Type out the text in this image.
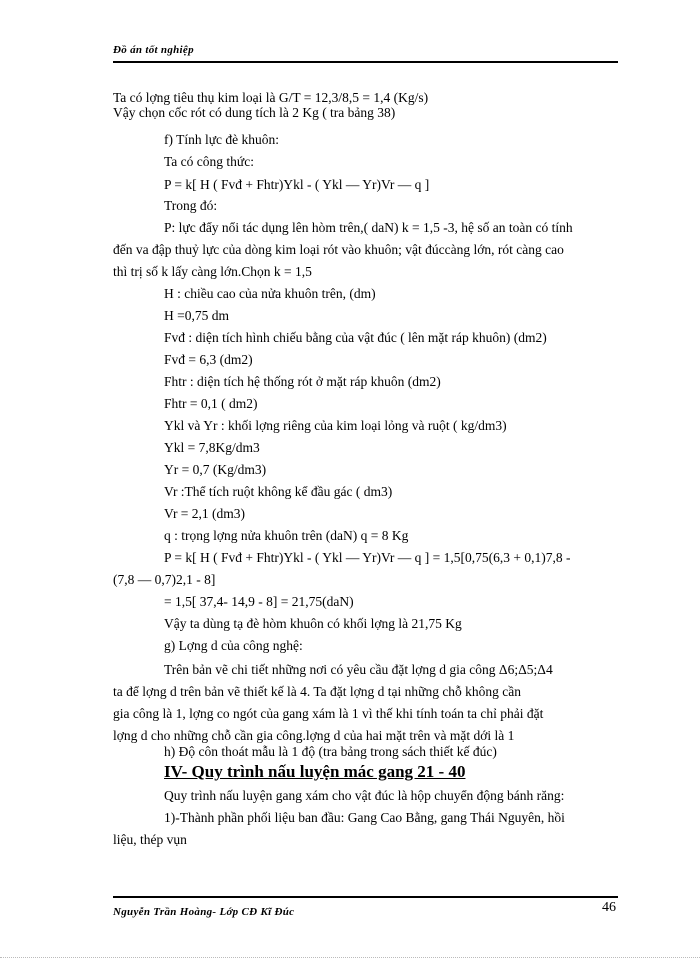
Đồ án tốt nghiệp
Ta có lợng tiêu thụ kim loại là G/T = 12,3/8,5 = 1,4 (Kg/s)
Vậy chọn cốc rót có dung tích là 2 Kg ( tra bảng 38)
f) Tính lực đè khuôn:
Ta có công thức:
P = k[ H ( Fvđ + Fhtr)Ykl - ( Ykl — Yr)Vr — q ]
Trong đó:
P: lực đẩy nổi tác dụng lên hòm trên,( daN) k = 1,5 -3, hệ số an toàn có tính
đến va đập thuỷ lực của dòng kim loại rót vào khuôn; vật đúccàng lớn, rót càng cao
thì trị số k lấy càng lớn.Chọn k = 1,5
H : chiều cao của nửa khuôn trên, (dm)
H =0,75 dm
Fvđ : diện tích hình chiếu bằng của vật đúc ( lên mặt ráp khuôn) (dm2)
Fvđ = 6,3 (dm2)
Fhtr : diện tích hệ thống rót ở mặt ráp khuôn (dm2)
Fhtr = 0,1 ( dm2)
Ykl và Yr : khối lợng riêng của kim loại lỏng và ruột ( kg/dm3)
Ykl = 7,8Kg/dm3
Yr = 0,7 (Kg/dm3)
Vr :Thể tích ruột không kể đầu gác ( dm3)
Vr = 2,1 (dm3)
q : trọng lợng nửa khuôn trên (daN) q = 8 Kg
P = k[ H ( Fvđ + Fhtr)Ykl - ( Ykl — Yr)Vr — q ] = 1,5[0,75(6,3 + 0,1)7,8 -
(7,8 — 0,7)2,1 - 8]
= 1,5[ 37,4- 14,9 - 8] = 21,75(daN)
Vậy ta dùng tạ đè hòm khuôn có khối lợng là 21,75 Kg
g) Lợng d của công nghệ:
Trên bản vẽ chi tiết những nơi có yêu cầu đặt lợng d gia công Δ6;Δ5;Δ4
ta để lợng d trên bản vẽ thiết kế là 4. Ta đặt lợng d tại những chỗ không cần
gia công là 1, lợng co ngót của gang xám là 1 vì thế khi tính toán ta chỉ phải đặt
lợng d cho những chỗ cần gia công.lợng d của hai mặt trên và mặt dới là 1
h) Độ côn thoát mẫu là 1 độ (tra bảng trong sách thiết kế đúc)
IV- Quy trình nấu luyện mác gang 21 - 40
Quy trình nấu luyện gang xám cho vật đúc là hộp chuyển động bánh răng:
1)-Thành phần phối liệu ban đầu: Gang Cao Bằng, gang Thái Nguyên, hồi
liệu, thép vụn
Nguyễn Trần Hoàng- Lớp CĐ Kĩ Đúc	46
